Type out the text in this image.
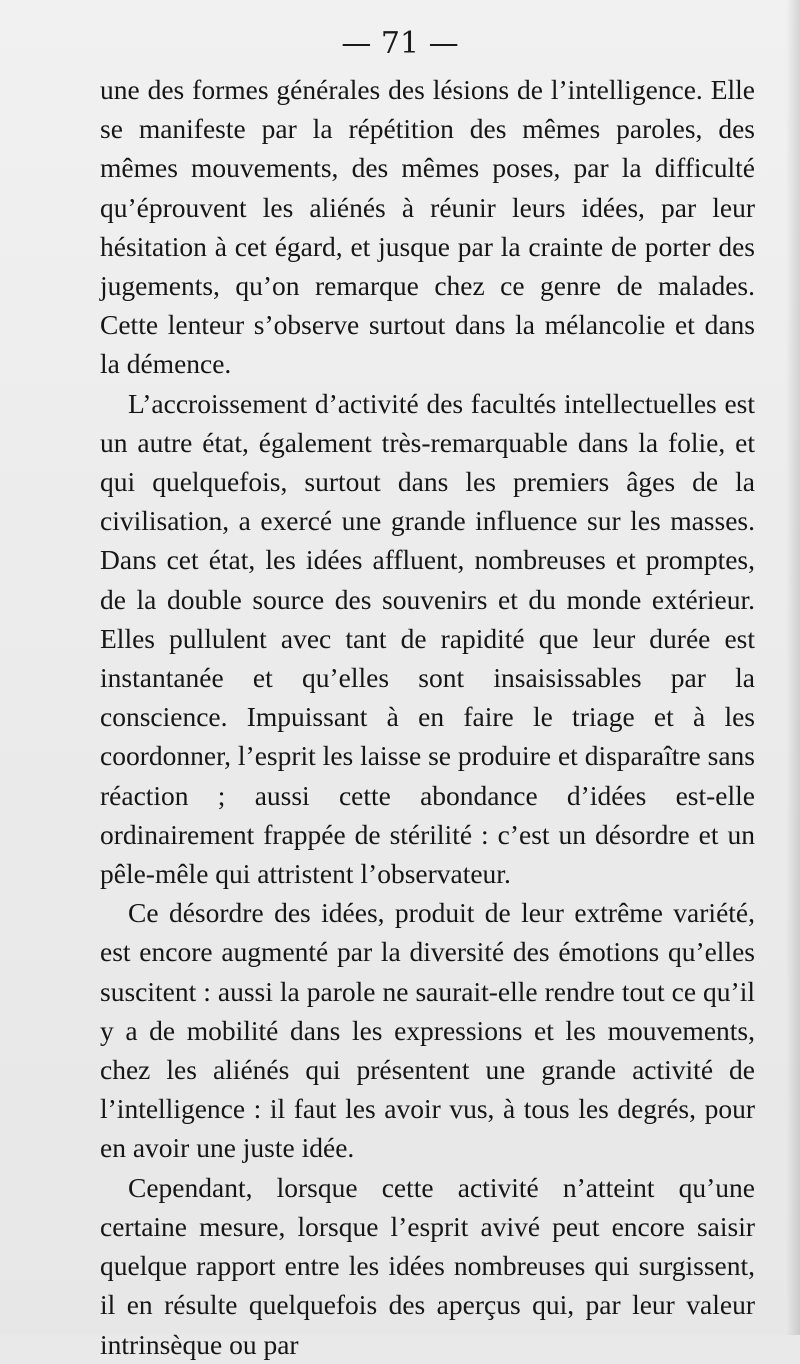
— 71 —

une des formes générales des lésions de l’intelligence. Elle se manifeste par la répétition des mêmes paroles, des mêmes mouvements, des mêmes poses, par la difficulté qu’éprouvent les aliénés à réunir leurs idées, par leur hésitation à cet égard, et jusque par la crainte de porter des jugements, qu’on remarque chez ce genre de malades. Cette lenteur s’observe surtout dans la mélancolie et dans la démence.

L’accroissement d’activité des facultés intellectuelles est un autre état, également très-remarquable dans la folie, et qui quelquefois, surtout dans les premiers âges de la civilisation, a exercé une grande influence sur les masses. Dans cet état, les idées affluent, nombreuses et promptes, de la double source des souvenirs et du monde extérieur. Elles pullulent avec tant de rapidité que leur durée est instantanée et qu’elles sont insaisissables par la conscience. Impuissant à en faire le triage et à les coordonner, l’esprit les laisse se produire et disparaître sans réaction ; aussi cette abondance d’idées est-elle ordinairement frappée de stérilité : c’est un désordre et un pêle-mêle qui attristent l’observateur.

Ce désordre des idées, produit de leur extrême variété, est encore augmenté par la diversité des émotions qu’elles suscitent : aussi la parole ne saurait-elle rendre tout ce qu’il y a de mobilité dans les expressions et les mouvements, chez les aliénés qui présentent une grande activité de l’intelligence : il faut les avoir vus, à tous les degrés, pour en avoir une juste idée.

Cependant, lorsque cette activité n’atteint qu’une certaine mesure, lorsque l’esprit avivé peut encore saisir quelque rapport entre les idées nombreuses qui surgissent, il en résulte quelquefois des aperçus qui, par leur valeur intrinsèque ou par
